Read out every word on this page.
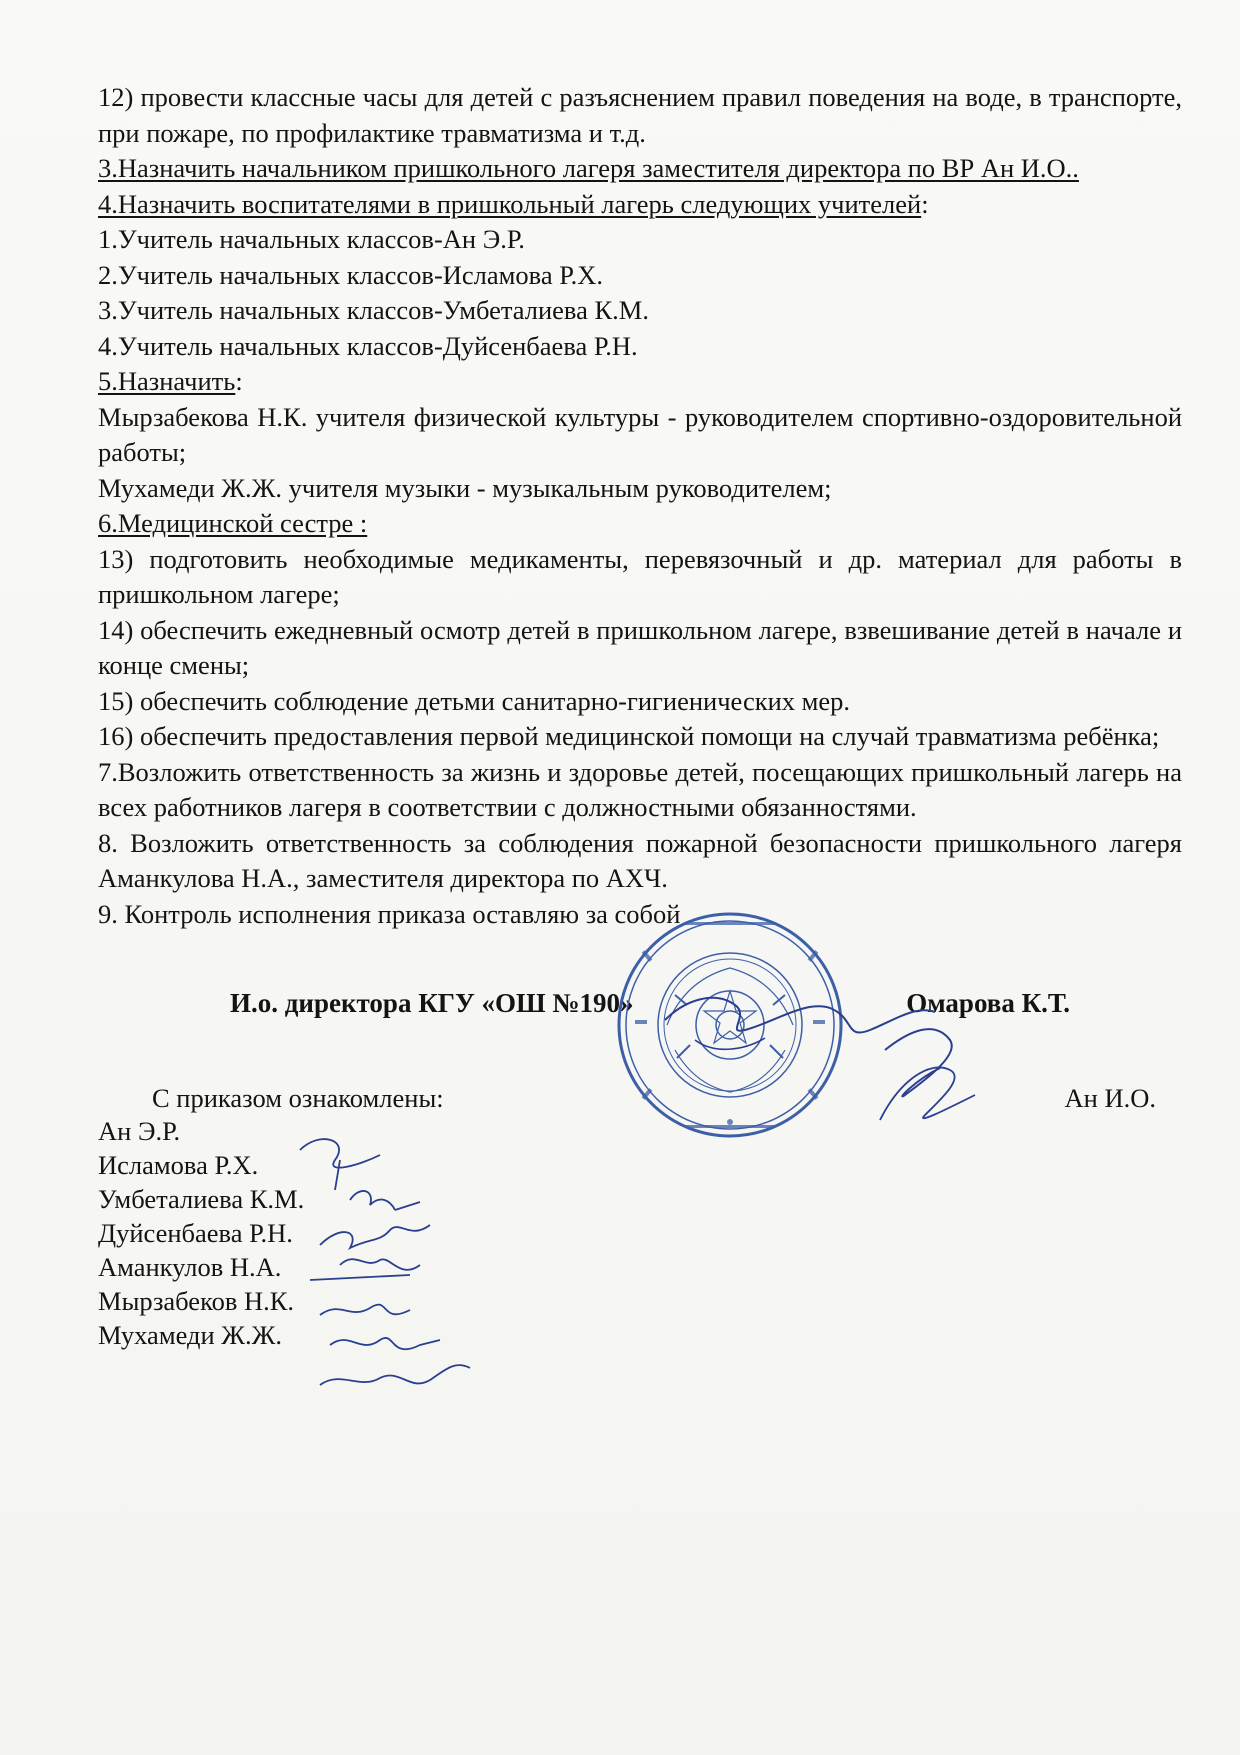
12) провести классные часы для детей с разъяснением правил поведения на воде, в транспорте, при пожаре, по профилактике травматизма и т.д.

3.Назначить начальником пришкольного лагеря заместителя директора по ВР Ан И.О..

4.Назначить воспитателями в пришкольный лагерь следующих учителей:

1.Учитель начальных классов-Ан Э.Р.

2.Учитель начальных классов-Исламова Р.Х.

3.Учитель начальных классов-Умбеталиева К.М.

4.Учитель начальных классов-Дуйсенбаева Р.Н.

5.Назначить:

Мырзабекова Н.К. учителя физической культуры - руководителем спортивно-оздоровительной работы;

Мухамеди Ж.Ж. учителя музыки - музыкальным руководителем;

6.Медицинской сестре :

13) подготовить необходимые медикаменты, перевязочный и др. материал для работы в пришкольном лагере;

14) обеспечить ежедневный осмотр детей в пришкольном лагере, взвешивание детей в начале и конце смены;

15) обеспечить соблюдение детьми санитарно-гигиенических мер.

16) обеспечить предоставления первой медицинской помощи на случай травматизма ребёнка;

7.Возложить ответственность за жизнь и здоровье детей, посещающих пришкольный лагерь на всех работников лагеря в соответствии с должностными обязанностями.

8. Возложить ответственность за соблюдения пожарной безопасности пришкольного лагеря Аманкулова Н.А., заместителя директора по АХЧ.

9. Контроль исполнения приказа оставляю за собой

И.о. директора КГУ «ОШ №190»	Омарова К.Т.
С приказом ознакомлены:	Ан И.О.
Ан Э.Р.
Исламова Р.Х.
Умбеталиева К.М.
Дуйсенбаева Р.Н.
Аманкулов Н.А.
Мырзабеков Н.К.
Мухамеди Ж.Ж.
